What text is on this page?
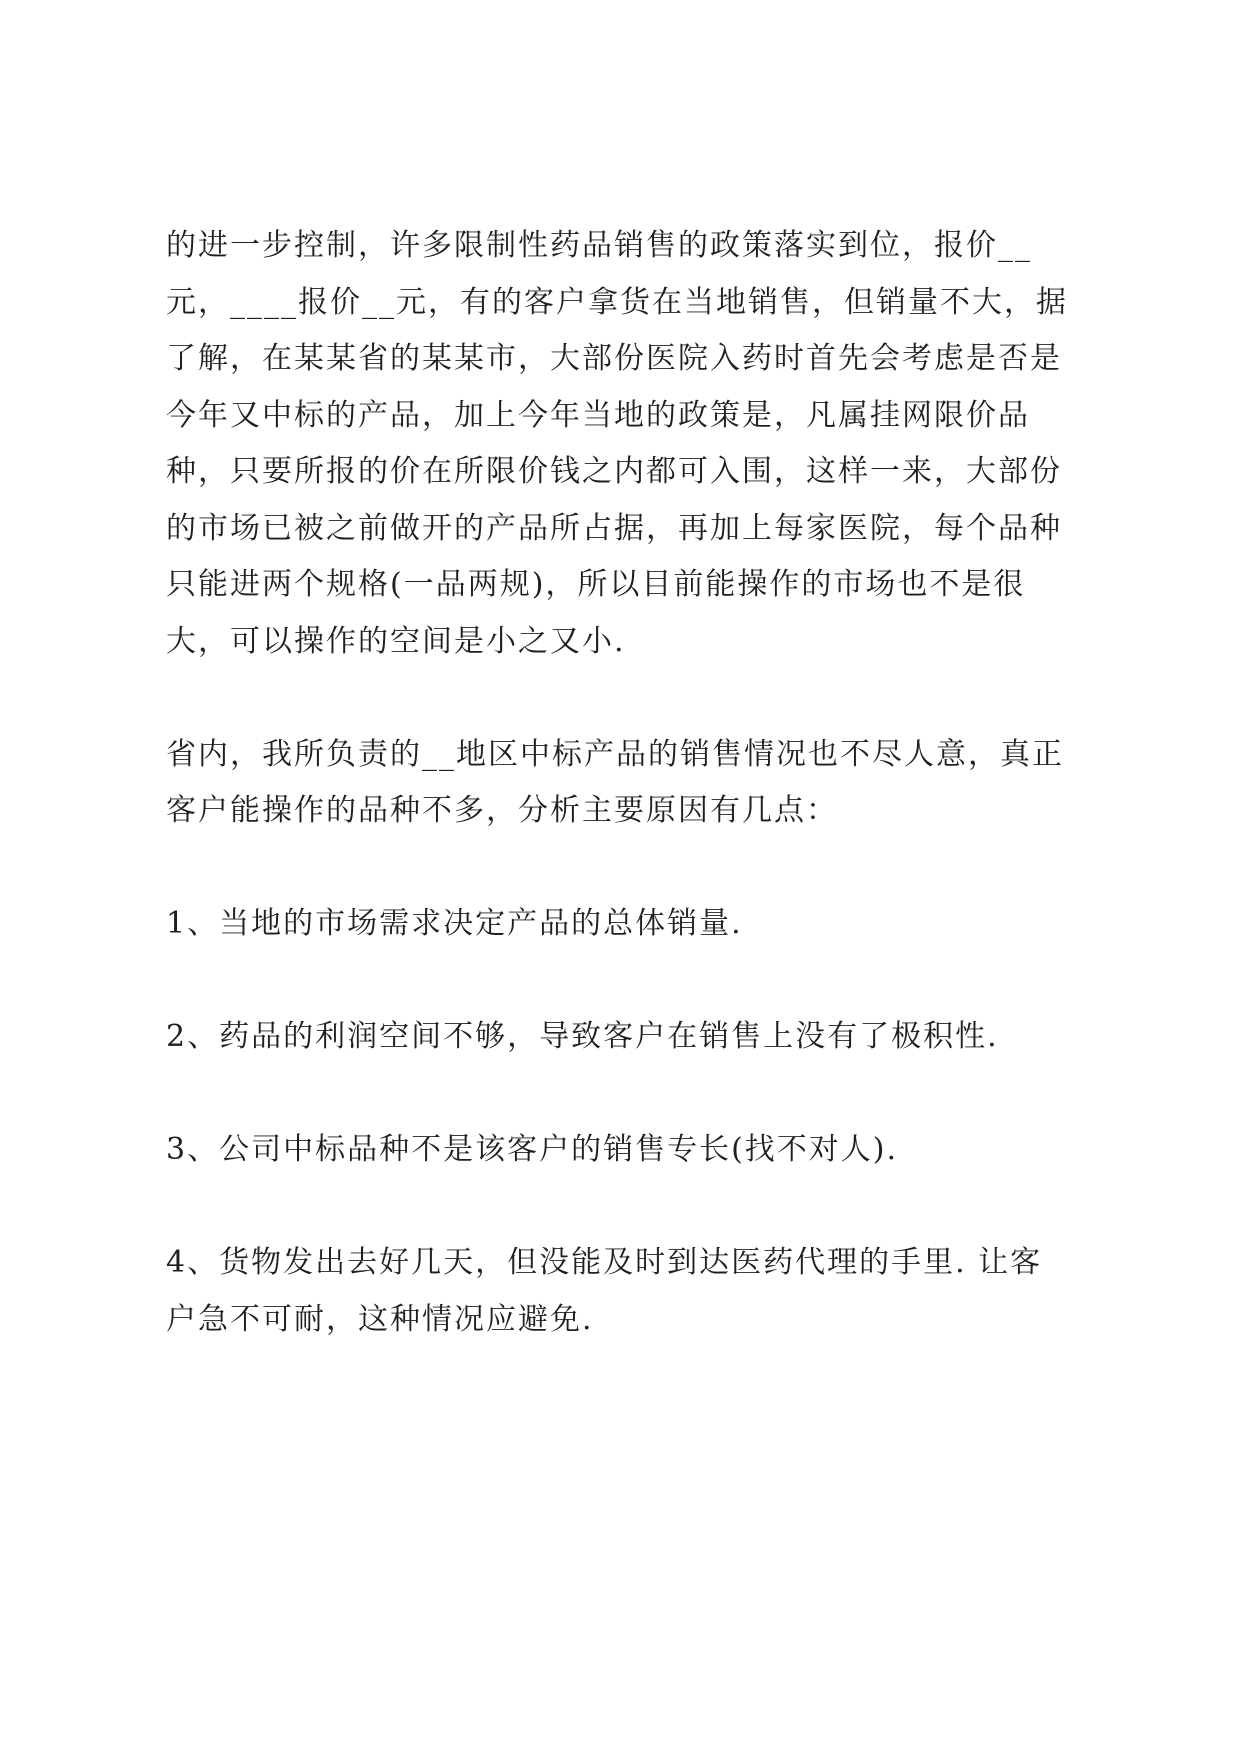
的进一步控制，许多限制性药品销售的政策落实到位，报价__
元，____报价__元，有的客户拿货在当地销售，但销量不大，据
了解，在某某省的某某市，大部份医院入药时首先会考虑是否是
今年又中标的产品，加上今年当地的政策是，凡属挂网限价品
种，只要所报的价在所限价钱之内都可入围，这样一来，大部份
的市场已被之前做开的产品所占据，再加上每家医院，每个品种
只能进两个规格(一品两规)，所以目前能操作的市场也不是很
大，可以操作的空间是小之又小.
省内，我所负责的__地区中标产品的销售情况也不尽人意，真正
客户能操作的品种不多，分析主要原因有几点：
1、当地的市场需求决定产品的总体销量.
2、药品的利润空间不够，导致客户在销售上没有了极积性.
3、公司中标品种不是该客户的销售专长(找不对人).
4、货物发出去好几天，但没能及时到达医药代理的手里. 让客
户急不可耐，这种情况应避免.
